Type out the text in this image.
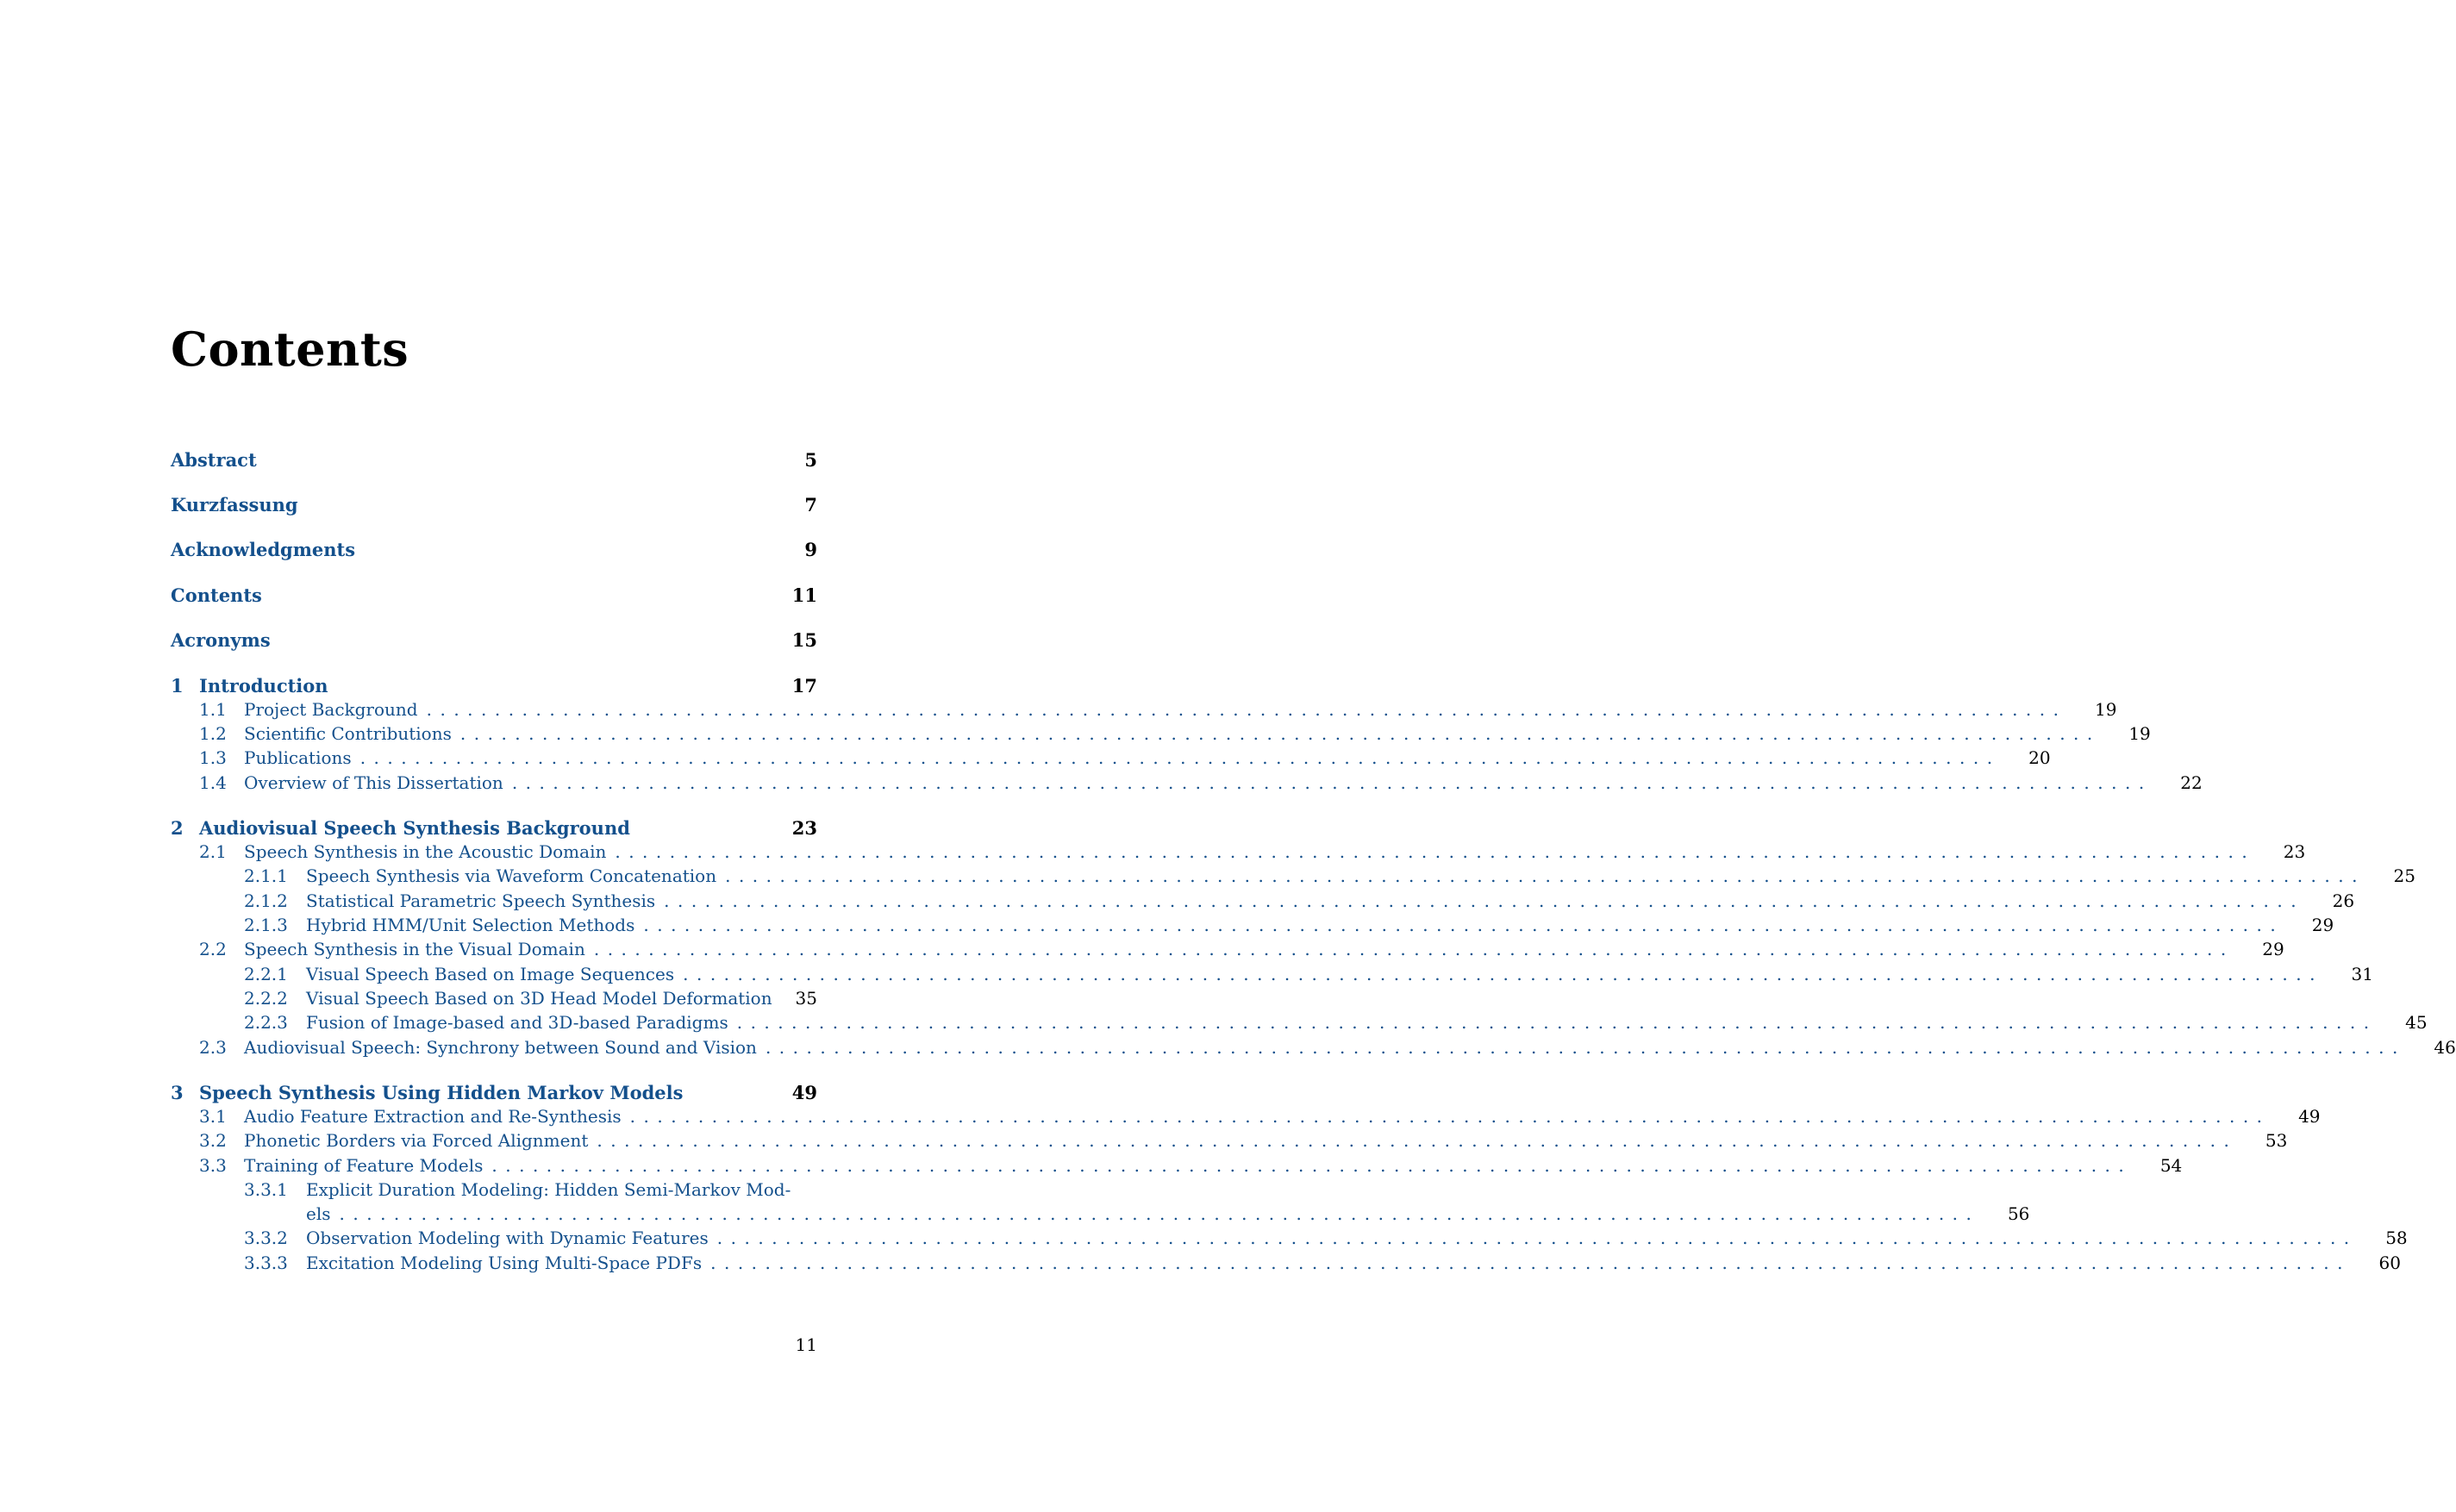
Contents
Abstract	5
Kurzfassung	7
Acknowledgments	9
Contents	11
Acronyms	15
1 Introduction	17
1.1	Project Background ........................................................................................................................	19
1.2	Scientific Contributions ........................................................................................................................	19
1.3	Publications ........................................................................................................................	20
1.4	Overview of This Dissertation ........................................................................................................................	22
2 Audiovisual Speech Synthesis Background	23
2.1	Speech Synthesis in the Acoustic Domain ........................................................................................................................	23
2.1.1	Speech Synthesis via Waveform Concatenation ........................................................................................................................	25
2.1.2	Statistical Parametric Speech Synthesis ........................................................................................................................	26
2.1.3	Hybrid HMM/Unit Selection Methods ........................................................................................................................	29
2.2	Speech Synthesis in the Visual Domain ........................................................................................................................	29
2.2.1	Visual Speech Based on Image Sequences ........................................................................................................................	31
2.2.2	Visual Speech Based on 3D Head Model Deformation	35
2.2.3	Fusion of Image-based and 3D-based Paradigms ........................................................................................................................	45
2.3	Audiovisual Speech: Synchrony between Sound and Vision ........................................................................................................................	46
3 Speech Synthesis Using Hidden Markov Models	49
3.1	Audio Feature Extraction and Re-Synthesis ........................................................................................................................	49
3.2	Phonetic Borders via Forced Alignment ........................................................................................................................	53
3.3	Training of Feature Models ........................................................................................................................	54
3.3.1	Explicit Duration Modeling: Hidden Semi-Markov Mod-
els ........................................................................................................................	56
3.3.2	Observation Modeling with Dynamic Features ........................................................................................................................	58
3.3.3	Excitation Modeling Using Multi-Space PDFs ........................................................................................................................	60
11
